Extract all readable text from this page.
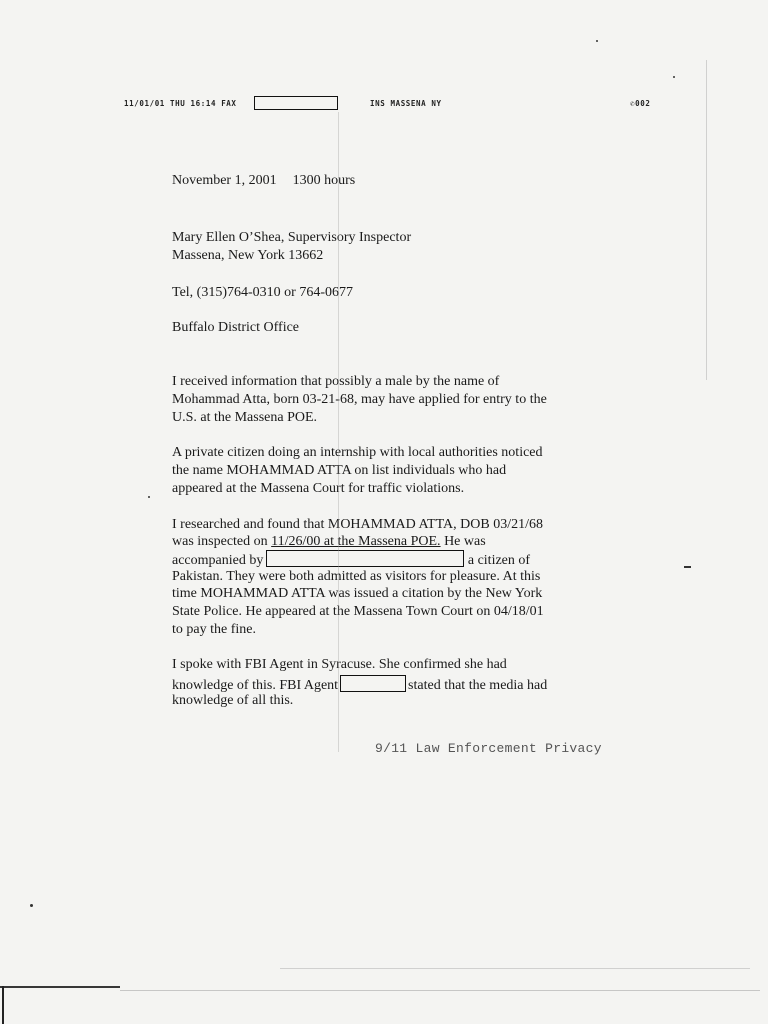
11/01/01 THU 16:14 FAX	INS MASSENA NY	✆002
November 1, 2001 1300 hours
Mary Ellen O’Shea, Supervisory Inspector
Massena, New York 13662
Tel, (315)764-0310 or 764-0677
Buffalo District Office
I received information that possibly a male by the name of
Mohammad Atta, born 03-21-68, may have applied for entry to the
U.S. at the Massena POE.
A private citizen doing an internship with local authorities noticed
the name MOHAMMAD ATTA on list individuals who had
appeared at the Massena Court for traffic violations.
I researched and found that MOHAMMAD ATTA, DOB 03/21/68
was inspected on 11/26/00 at the Massena POE. He was
accompanied by	a citizen of
Pakistan. They were both admitted as visitors for pleasure. At this
time MOHAMMAD ATTA was issued a citation by the New York
State Police. He appeared at the Massena Town Court on 04/18/01
to pay the fine.
I spoke with FBI Agent in Syracuse. She confirmed she had
knowledge of this. FBI Agent	stated that the media had
knowledge of all this.
9/11 Law Enforcement Privacy
